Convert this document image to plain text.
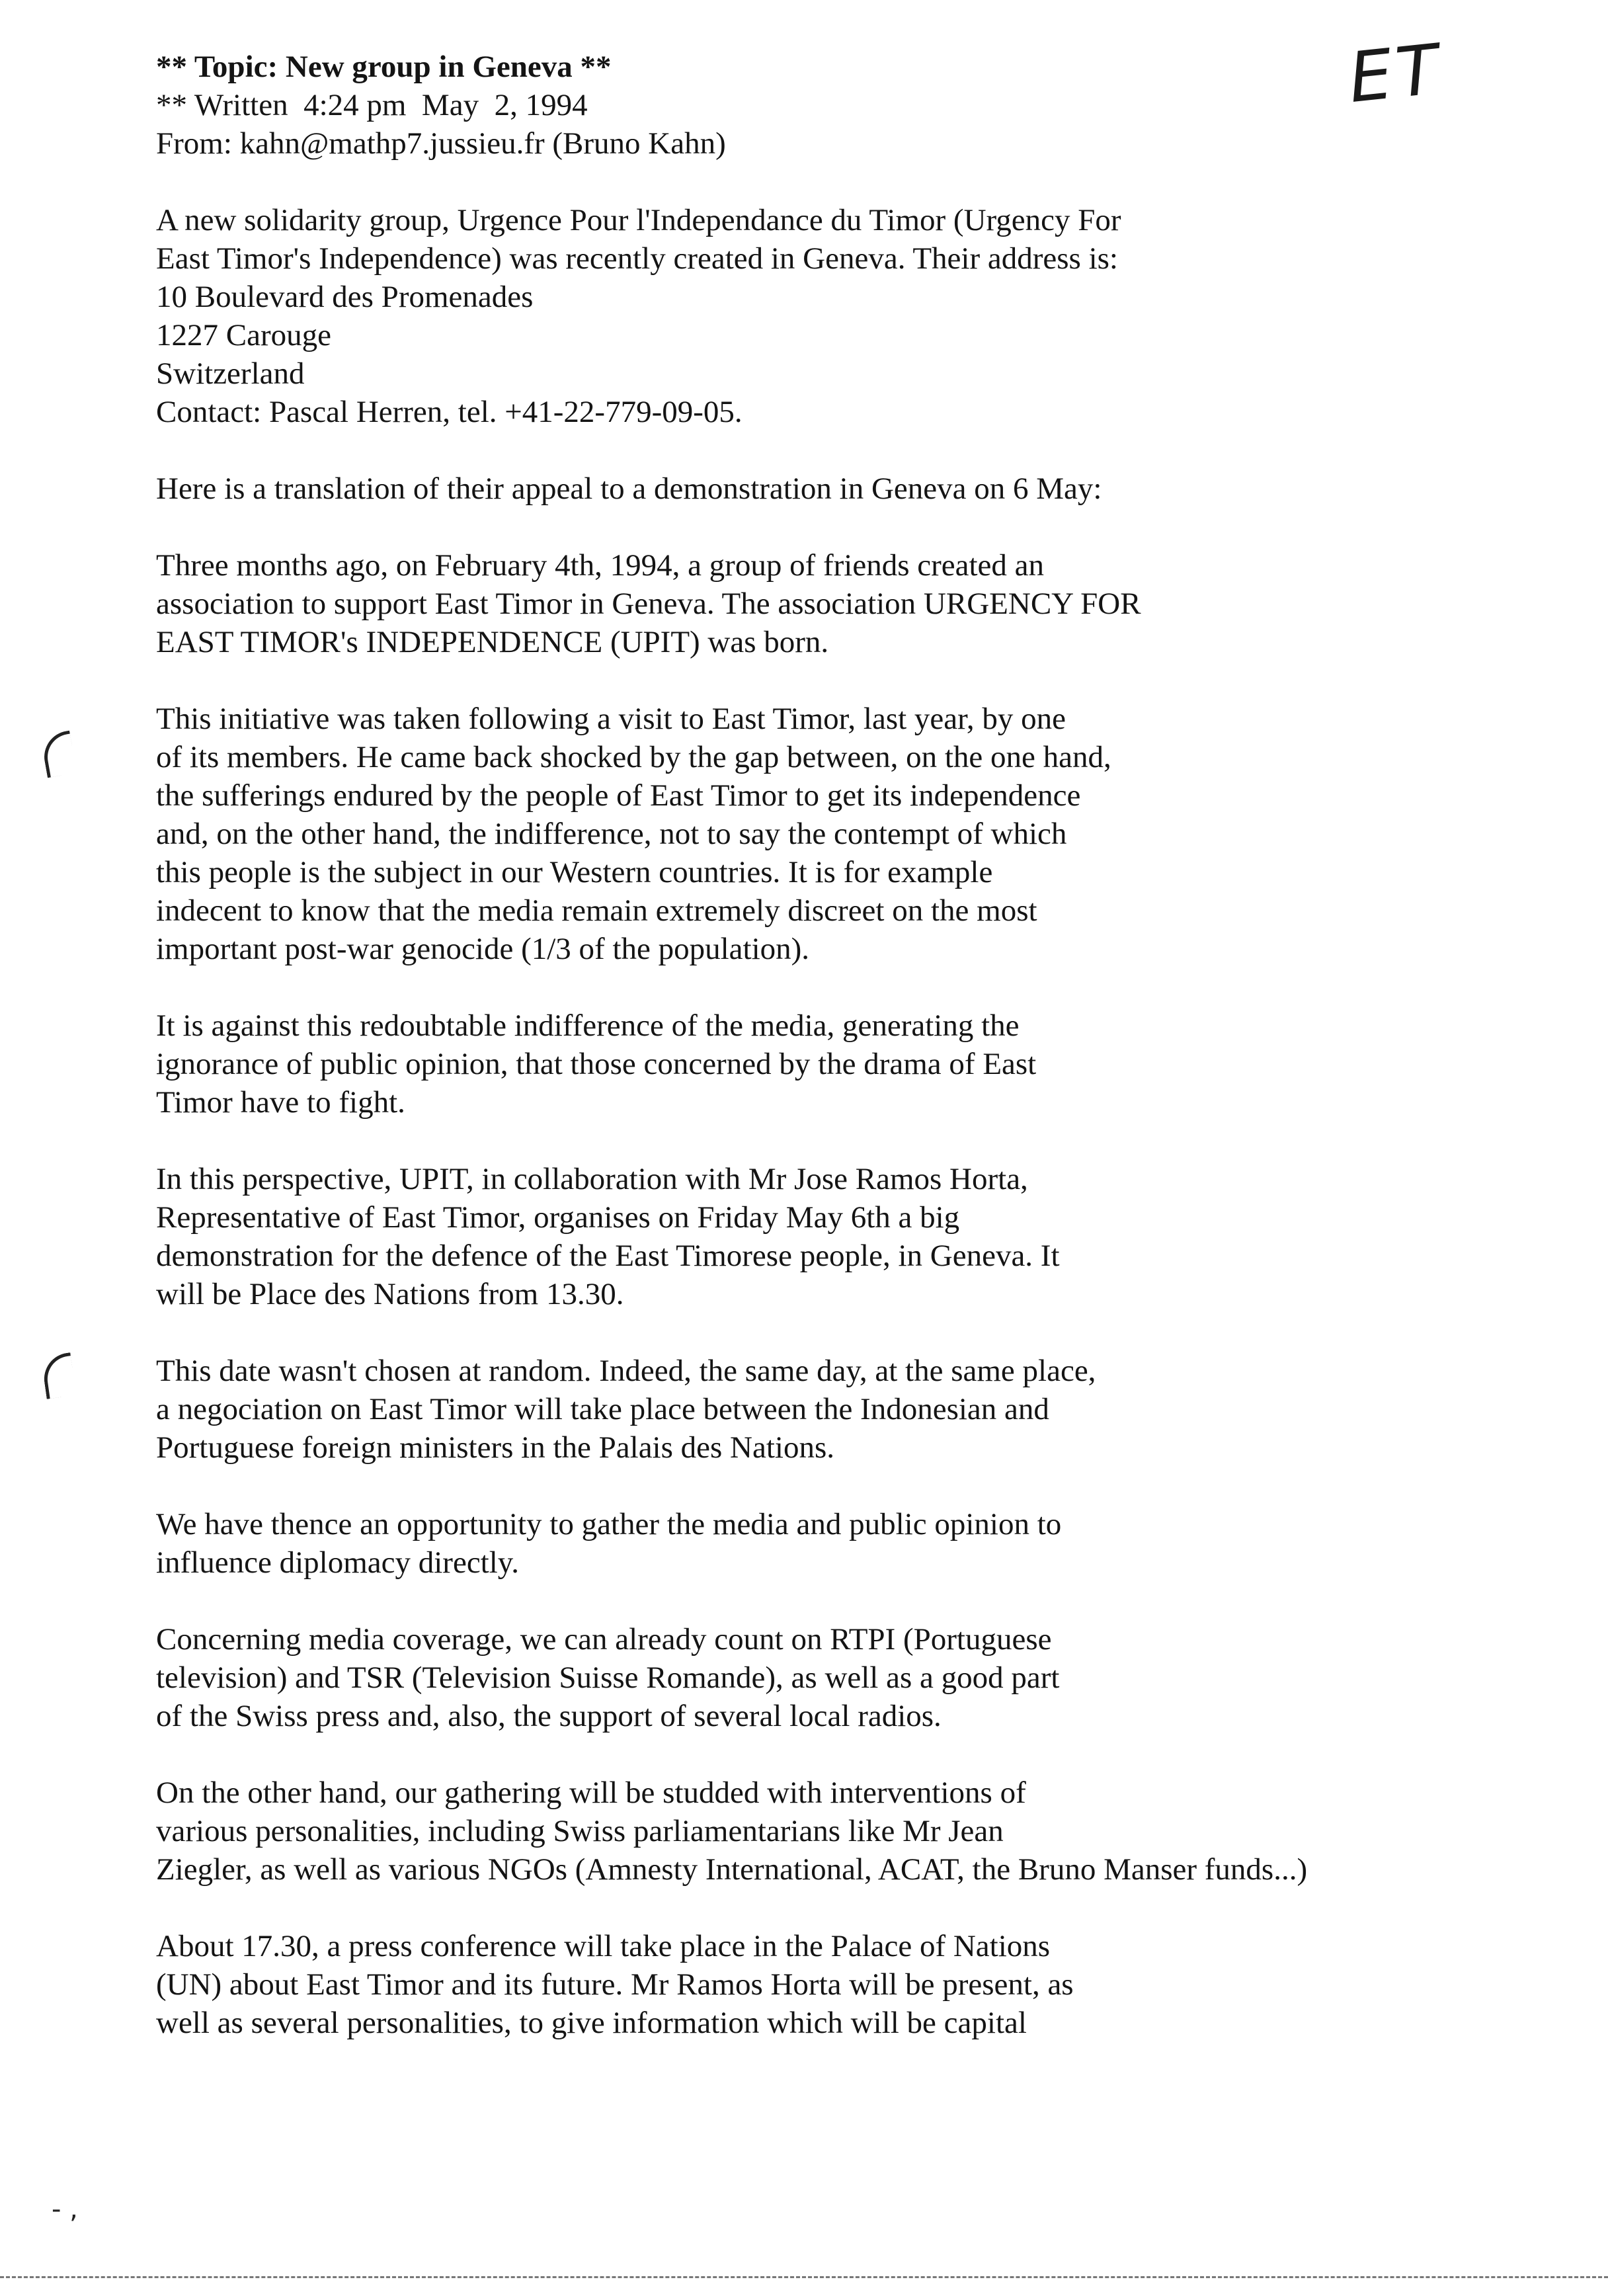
ET
** Topic: New group in Geneva **
** Written  4:24 pm  May  2, 1994
From: kahn@mathp7.jussieu.fr (Bruno Kahn)
A new solidarity group, Urgence Pour l'Independance du Timor (Urgency For
East Timor's Independence) was recently created in Geneva. Their address is:
10 Boulevard des Promenades
1227 Carouge
Switzerland
Contact: Pascal Herren, tel. +41-22-779-09-05.
Here is a translation of their appeal to a demonstration in Geneva on 6 May:
Three months ago, on February 4th, 1994, a group of friends created an
association to support East Timor in Geneva. The association URGENCY FOR
EAST TIMOR's INDEPENDENCE (UPIT) was born.
This initiative was taken following a visit to East Timor, last year, by one
of its members. He came back shocked by the gap between, on the one hand,
the sufferings endured by the people of East Timor to get its independence
and, on the other hand, the indifference, not to say the contempt of which
this people is the subject in our Western countries. It is for example
indecent to know that the media remain extremely discreet on the most
important post-war genocide (1/3 of the population).
It is against this redoubtable indifference of the media, generating the
ignorance of public opinion, that those concerned by the drama of East
Timor have to fight.
In this perspective, UPIT, in collaboration with Mr Jose Ramos Horta,
Representative of East Timor, organises on Friday May 6th a big
demonstration for the defence of the East Timorese people, in Geneva. It
will be Place des Nations from 13.30.
This date wasn't chosen at random. Indeed, the same day, at the same place,
a negociation on East Timor will take place between the Indonesian and
Portuguese foreign ministers in the Palais des Nations.
We have thence an opportunity to gather the media and public opinion to
influence diplomacy directly.
Concerning media coverage, we can already count on RTPI (Portuguese
television) and TSR (Television Suisse Romande), as well as a good part
of the Swiss press and, also, the support of several local radios.
On the other hand, our gathering will be studded with interventions of
various personalities, including Swiss parliamentarians like Mr Jean
Ziegler, as well as various NGOs (Amnesty International, ACAT, the Bruno Manser funds...)
About 17.30, a press conference will take place in the Palace of Nations
(UN) about East Timor and its future. Mr Ramos Horta will be present, as
well as several personalities, to give information which will be capital
- ,
